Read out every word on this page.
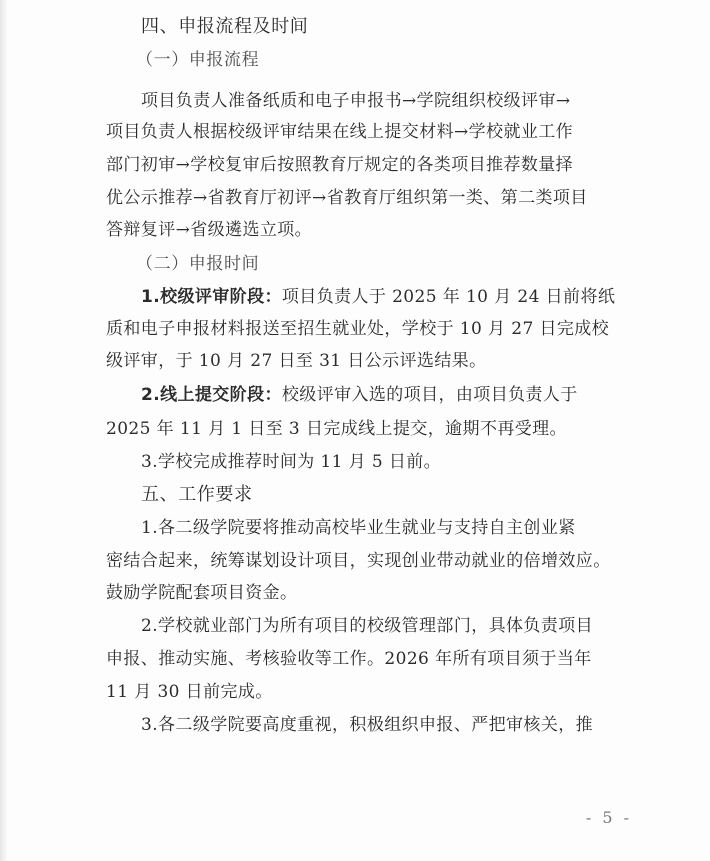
四、申报流程及时间
（一）申报流程
项目负责人准备纸质和电子申报书→学院组织校级评审→
项目负责人根据校级评审结果在线上提交材料→学校就业工作
部门初审→学校复审后按照教育厅规定的各类项目推荐数量择
优公示推荐→省教育厅初评→省教育厅组织第一类、第二类项目
答辩复评→省级遴选立项。
（二）申报时间
1.校级评审阶段：项目负责人于 2025 年 10 月 24 日前将纸
质和电子申报材料报送至招生就业处，学校于 10 月 27 日完成校
级评审，于 10 月 27 日至 31 日公示评选结果。
2.线上提交阶段：校级评审入选的项目，由项目负责人于
2025 年 11 月 1 日至 3 日完成线上提交，逾期不再受理。
3.学校完成推荐时间为 11 月 5 日前。
五、工作要求
1.各二级学院要将推动高校毕业生就业与支持自主创业紧
密结合起来，统筹谋划设计项目，实现创业带动就业的倍增效应。
鼓励学院配套项目资金。
2.学校就业部门为所有项目的校级管理部门，具体负责项目
申报、推动实施、考核验收等工作。2026 年所有项目须于当年
11 月 30 日前完成。
3.各二级学院要高度重视，积极组织申报、严把审核关，推
- 5 -
